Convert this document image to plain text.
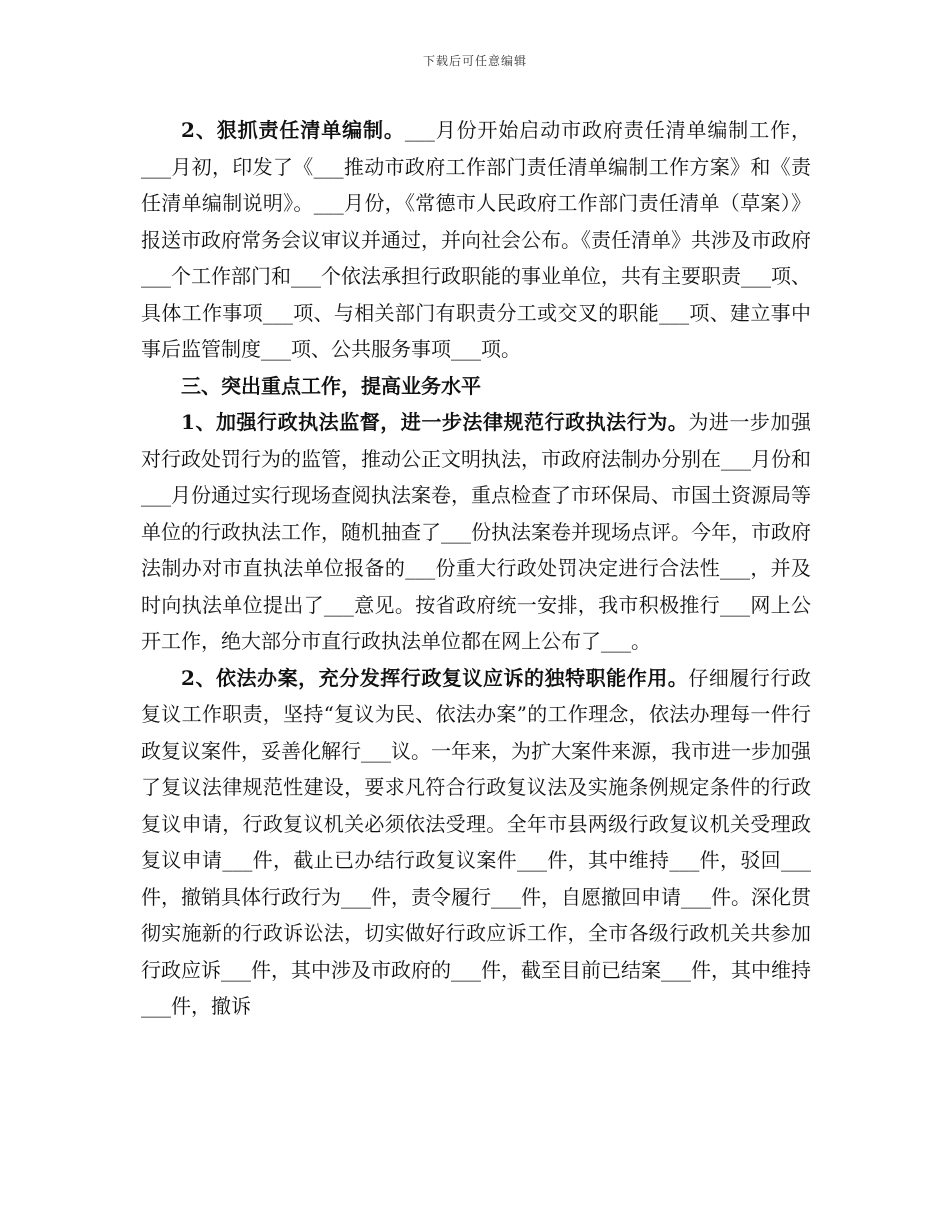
下载后可任意编辑

2、狠抓责任清单编制。___月份开始启动市政府责任清单编制工作，___月初，印发了《___推动市政府工作部门责任清单编制工作方案》和《责任清单编制说明》。___月份，《常德市人民政府工作部门责任清单（草案）》报送市政府常务会议审议并通过，并向社会公布。《责任清单》共涉及市政府___个工作部门和___个依法承担行政职能的事业单位，共有主要职责___项、具体工作事项___项、与相关部门有职责分工或交叉的职能___项、建立事中事后监管制度___项、公共服务事项___项。

三、突出重点工作，提高业务水平

1、加强行政执法监督，进一步法律规范行政执法行为。为进一步加强对行政处罚行为的监管，推动公正文明执法，市政府法制办分别在___月份和___月份通过实行现场查阅执法案卷，重点检查了市环保局、市国土资源局等单位的行政执法工作，随机抽查了___份执法案卷并现场点评。今年，市政府法制办对市直执法单位报备的___份重大行政处罚决定进行合法性___，并及时向执法单位提出了___意见。按省政府统一安排，我市积极推行___网上公开工作，绝大部分市直行政执法单位都在网上公布了___。

2、依法办案，充分发挥行政复议应诉的独特职能作用。仔细履行行政复议工作职责，坚持“复议为民、依法办案”的工作理念，依法办理每一件行政复议案件，妥善化解行___议。一年来，为扩大案件来源，我市进一步加强了复议法律规范性建设，要求凡符合行政复议法及实施条例规定条件的行政复议申请，行政复议机关必须依法受理。全年市县两级行政复议机关受理政复议申请___件，截止已办结行政复议案件___件，其中维持___件，驳回___件，撤销具体行政行为___件，责令履行___件，自愿撤回申请___件。深化贯彻实施新的行政诉讼法，切实做好行政应诉工作，全市各级行政机关共参加行政应诉___件，其中涉及市政府的___件，截至目前已结案___件，其中维持___件，撤诉
